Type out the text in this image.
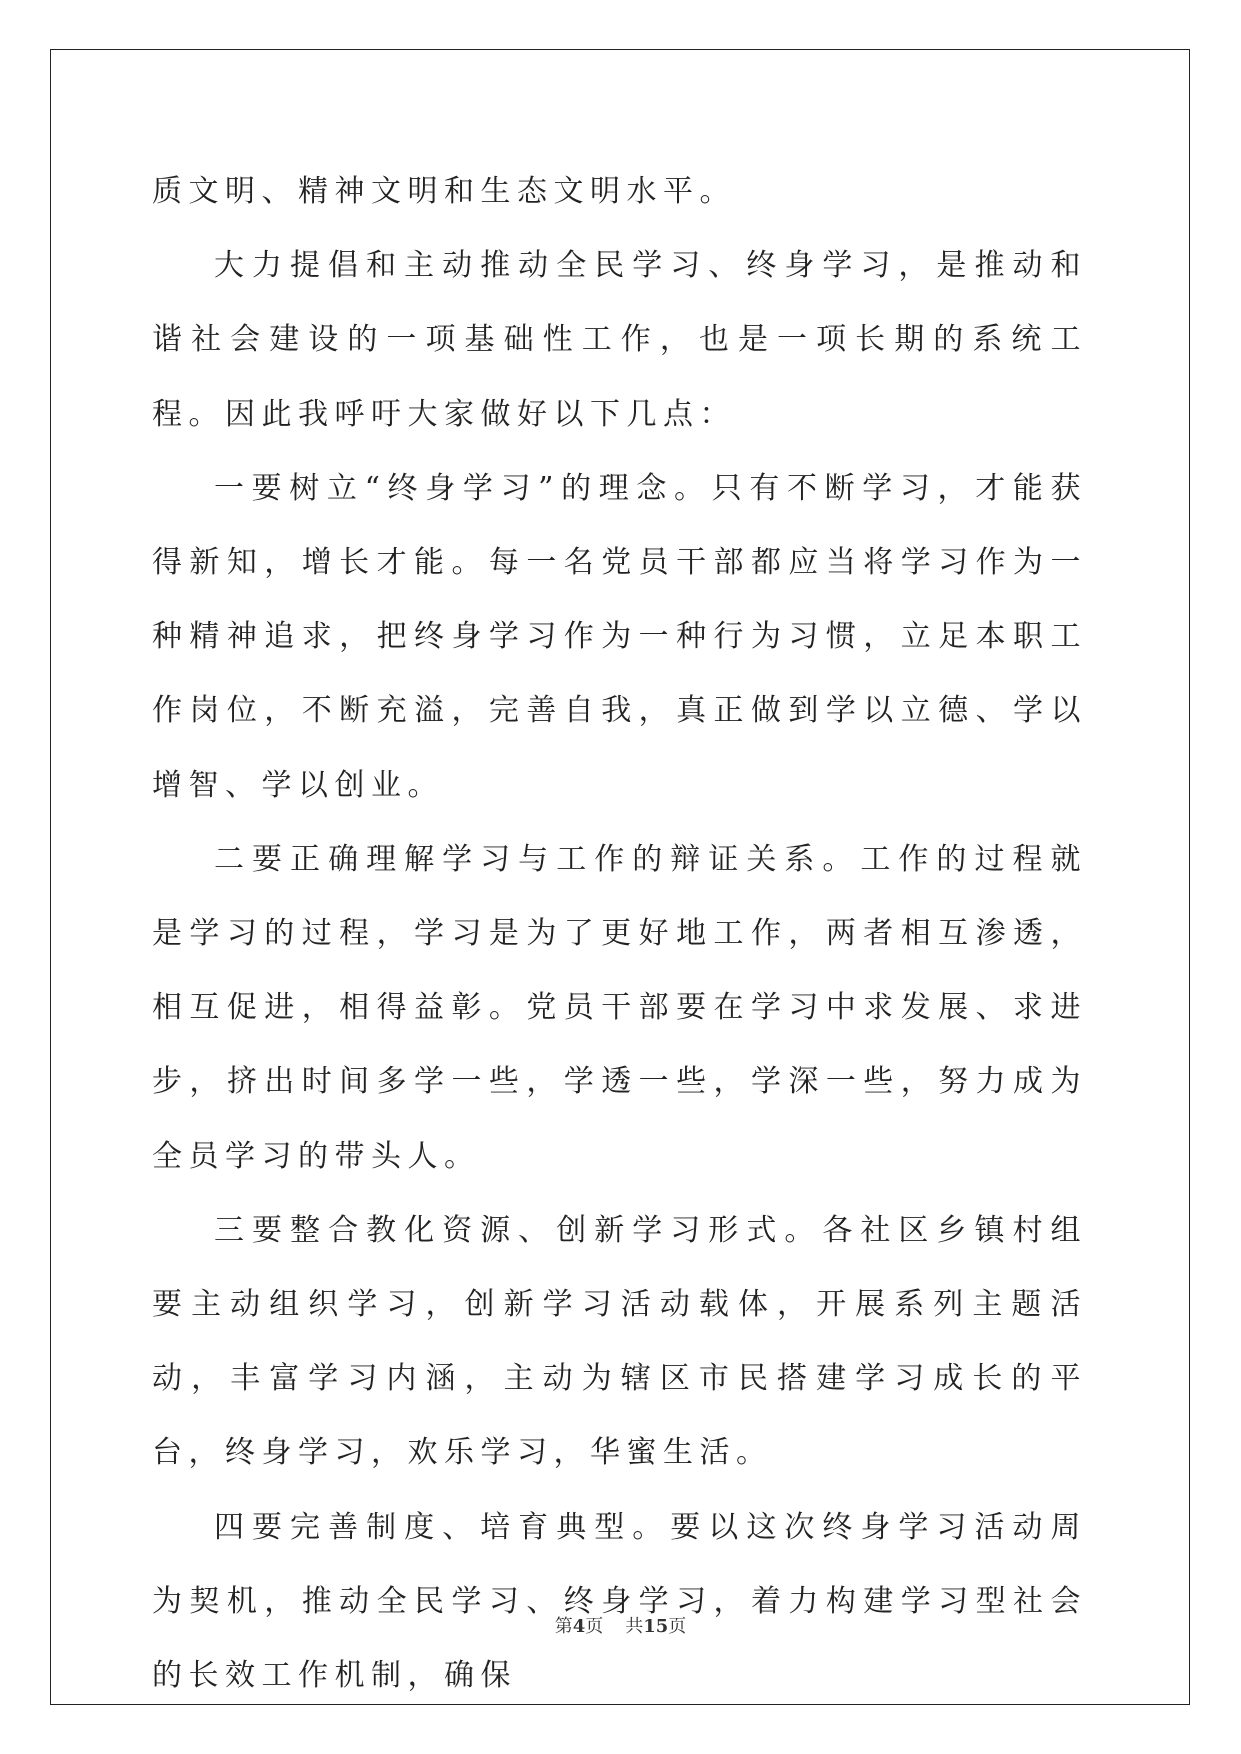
质文明、精神文明和生态文明水平。

大力提倡和主动推动全民学习、终身学习，是推动和谐社会建设的一项基础性工作，也是一项长期的系统工程。因此我呼吁大家做好以下几点：

一要树立“终身学习”的理念。只有不断学习，才能获得新知，增长才能。每一名党员干部都应当将学习作为一种精神追求，把终身学习作为一种行为习惯，立足本职工作岗位，不断充溢，完善自我，真正做到学以立德、学以增智、学以创业。

二要正确理解学习与工作的辩证关系。工作的过程就是学习的过程，学习是为了更好地工作，两者相互渗透，相互促进，相得益彰。党员干部要在学习中求发展、求进步，挤出时间多学一些，学透一些，学深一些，努力成为全员学习的带头人。

三要整合教化资源、创新学习形式。各社区乡镇村组要主动组织学习，创新学习活动载体，开展系列主题活动，丰富学习内涵，主动为辖区市民搭建学习成长的平台，终身学习，欢乐学习，华蜜生活。

四要完善制度、培育典型。要以这次终身学习活动周为契机，推动全民学习、终身学习，着力构建学习型社会的长效工作机制，确保

第4页 共15页
